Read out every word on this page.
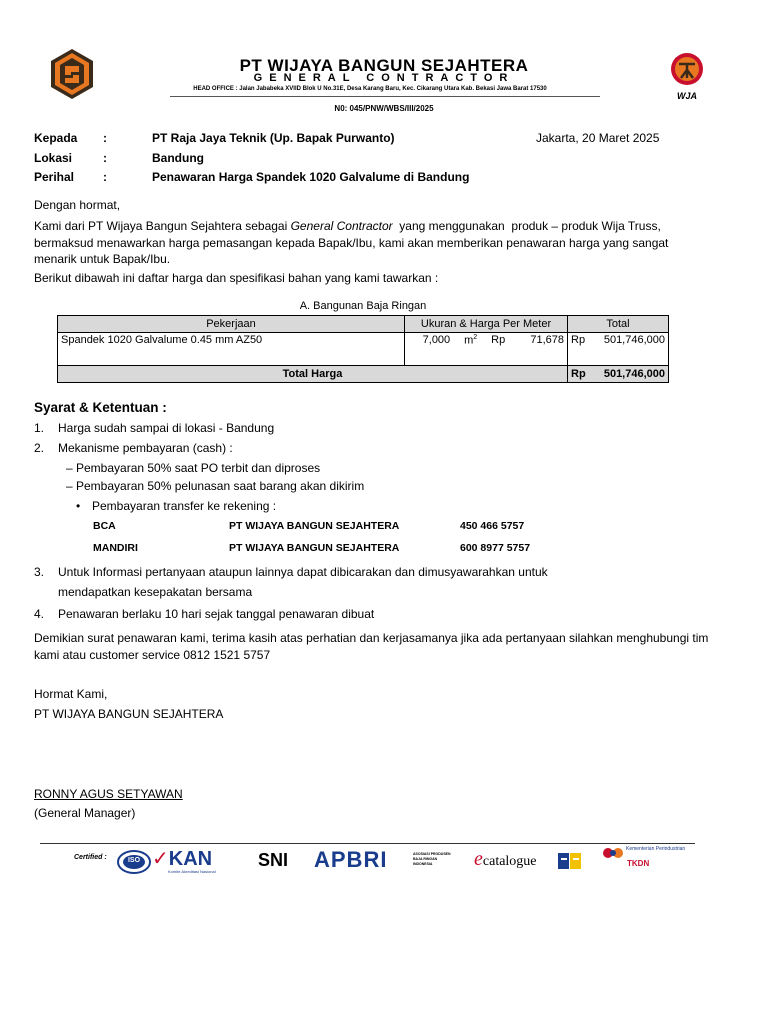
WJA
PT WIJAYA BANGUN SEJAHTERA
GENERAL CONTRACTOR
HEAD OFFICE : Jalan Jababeka XVIID Blok U No.31E, Desa Karang Baru, Kec. Cikarang Utara Kab. Bekasi Jawa Barat 17530
N0: 045/PNW/WBS/III/2025
Kepada :	PT Raja Jaya Teknik (Up. Bapak Purwanto)	Jakarta, 20 Maret 2025
Lokasi	:	Bandung
Perihal :	Penawaran Harga Spandek 1020 Galvalume di Bandung
Dengan hormat,
Kami dari PT Wijaya Bangun Sejahtera sebagai General Contractor  yang menggunakan  produk – produk Wija Truss,
bermaksud menawarkan harga pemasangan kepada Bapak/Ibu, kami akan memberikan penawaran harga yang sangat
menarik untuk Bapak/Ibu.
Berikut dibawah ini daftar harga dan spesifikasi bahan yang kami tawarkan :
A. Bangunan Baja Ringan
Pekerjaan	Ukuran & Harga Per Meter				Total	
Spandek 1020 Galvalume 0.45 mm AZ50	7,000	$m^2$	Rp	71,678	Rp	501,746,000
Total Harga					Rp	501,746,000
Syarat & Ketentuan :
1.	Harga sudah sampai di lokasi - Bandung
2.	Mekanisme pembayaran (cash) :
– Pembayaran 50% saat PO terbit dan diproses
– Pembayaran 50% pelunasan saat barang akan dikirim
• Pembayaran transfer ke rekening :
BCA	PT WIJAYA BANGUN SEJAHTERA	450 466 5757
MANDIRI	PT WIJAYA BANGUN SEJAHTERA	600 8977 5757
3.	Untuk Informasi pertanyaan ataupun lainnya dapat dibicarakan dan dimusyawarahkan untuk
mendapatkan kesepakatan bersama
4.	Penawaran berlaku 10 hari sejak tanggal penawaran dibuat
Demikian surat penawaran kami, terima kasih atas perhatian dan kerjasamanya jika ada pertanyaan silahkan menghubungi tim
kami atau customer service 0812 1521 5757
Hormat Kami,
PT WIJAYA BANGUN SEJAHTERA
RONNY AGUS SETYAWAN
(General Manager)
Certified :	ISO ✓KAN
Komite Akreditasi Nasional
SNI APBRI	ASOSIASI PRODUSEN BAJA RINGAN INDONESIA	ecatalogue
Kementerian Perindustrian
TKDN
